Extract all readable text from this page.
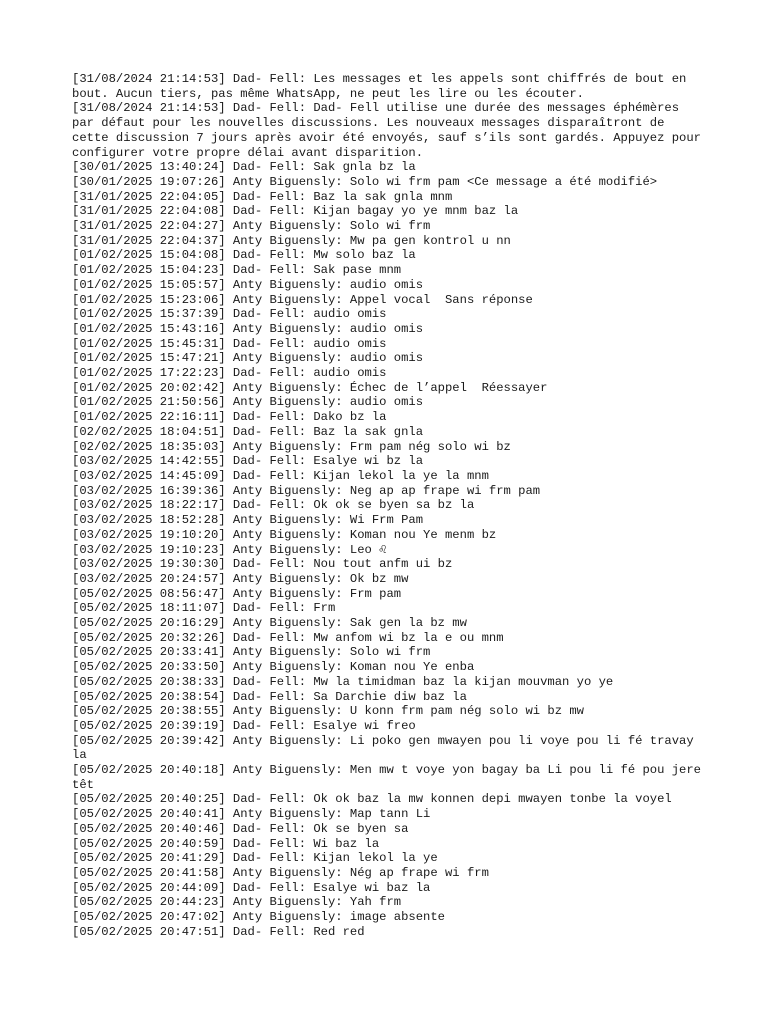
[31/08/2024 21:14:53] Dad- Fell: Les messages et les appels sont chiffrés de bout en bout. Aucun tiers, pas même WhatsApp, ne peut les lire ou les écouter.
[31/08/2024 21:14:53] Dad- Fell: Dad- Fell utilise une durée des messages éphémères par défaut pour les nouvelles discussions. Les nouveaux messages disparaîtront de cette discussion 7 jours après avoir été envoyés, sauf s’ils sont gardés. Appuyez pour configurer votre propre délai avant disparition.
[30/01/2025 13:40:24] Dad- Fell: Sak gnla bz la
[30/01/2025 19:07:26] Anty Biguensly: Solo wi frm pam <Ce message a été modifié>
[31/01/2025 22:04:05] Dad- Fell: Baz la sak gnla mnm
[31/01/2025 22:04:08] Dad- Fell: Kijan bagay yo ye mnm baz la
[31/01/2025 22:04:27] Anty Biguensly: Solo wi frm
[31/01/2025 22:04:37] Anty Biguensly: Mw pa gen kontrol u nn
[01/02/2025 15:04:08] Dad- Fell: Mw solo baz la
[01/02/2025 15:04:23] Dad- Fell: Sak pase mnm
[01/02/2025 15:05:57] Anty Biguensly: audio omis
[01/02/2025 15:23:06] Anty Biguensly: Appel vocal  Sans réponse
[01/02/2025 15:37:39] Dad- Fell: audio omis
[01/02/2025 15:43:16] Anty Biguensly: audio omis
[01/02/2025 15:45:31] Dad- Fell: audio omis
[01/02/2025 15:47:21] Anty Biguensly: audio omis
[01/02/2025 17:22:23] Dad- Fell: audio omis
[01/02/2025 20:02:42] Anty Biguensly: Échec de l’appel  Réessayer
[01/02/2025 21:50:56] Anty Biguensly: audio omis
[01/02/2025 22:16:11] Dad- Fell: Dako bz la
[02/02/2025 18:04:51] Dad- Fell: Baz la sak gnla
[02/02/2025 18:35:03] Anty Biguensly: Frm pam nég solo wi bz
[03/02/2025 14:42:55] Dad- Fell: Esalye wi bz la
[03/02/2025 14:45:09] Dad- Fell: Kijan lekol la ye la mnm
[03/02/2025 16:39:36] Anty Biguensly: Neg ap ap frape wi frm pam
[03/02/2025 18:22:17] Dad- Fell: Ok ok se byen sa bz la
[03/02/2025 18:52:28] Anty Biguensly: Wi Frm Pam
[03/02/2025 19:10:20] Anty Biguensly: Koman nou Ye menm bz
[03/02/2025 19:10:23] Anty Biguensly: Leo ♌
[03/02/2025 19:30:30] Dad- Fell: Nou tout anfm ui bz
[03/02/2025 20:24:57] Anty Biguensly: Ok bz mw
[05/02/2025 08:56:47] Anty Biguensly: Frm pam
[05/02/2025 18:11:07] Dad- Fell: Frm
[05/02/2025 20:16:29] Anty Biguensly: Sak gen la bz mw
[05/02/2025 20:32:26] Dad- Fell: Mw anfom wi bz la e ou mnm
[05/02/2025 20:33:41] Anty Biguensly: Solo wi frm
[05/02/2025 20:33:50] Anty Biguensly: Koman nou Ye enba
[05/02/2025 20:38:33] Dad- Fell: Mw la timidman baz la kijan mouvman yo ye
[05/02/2025 20:38:54] Dad- Fell: Sa Darchie diw baz la
[05/02/2025 20:38:55] Anty Biguensly: U konn frm pam nég solo wi bz mw
[05/02/2025 20:39:19] Dad- Fell: Esalye wi freo
[05/02/2025 20:39:42] Anty Biguensly: Li poko gen mwayen pou li voye pou li fé travay la
[05/02/2025 20:40:18] Anty Biguensly: Men mw t voye yon bagay ba Li pou li fé pou jere têt
[05/02/2025 20:40:25] Dad- Fell: Ok ok baz la mw konnen depi mwayen tonbe la voyel
[05/02/2025 20:40:41] Anty Biguensly: Map tann Li
[05/02/2025 20:40:46] Dad- Fell: Ok se byen sa
[05/02/2025 20:40:59] Dad- Fell: Wi baz la
[05/02/2025 20:41:29] Dad- Fell: Kijan lekol la ye
[05/02/2025 20:41:58] Anty Biguensly: Nég ap frape wi frm
[05/02/2025 20:44:09] Dad- Fell: Esalye wi baz la
[05/02/2025 20:44:23] Anty Biguensly: Yah frm
[05/02/2025 20:47:02] Anty Biguensly: image absente
[05/02/2025 20:47:51] Dad- Fell: Red red
